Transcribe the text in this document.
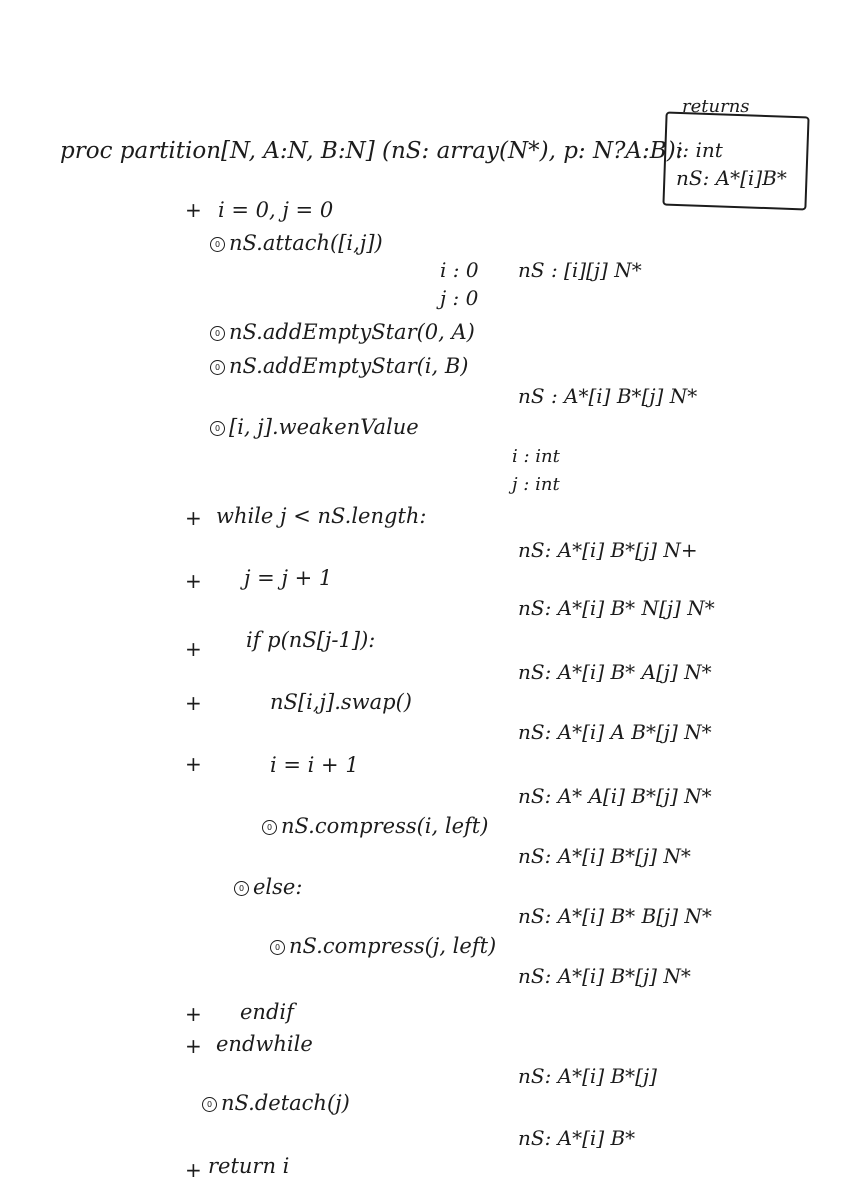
proc partition[N, A:N, B:N] (nS: array(N*), p: N?A:B):
returns
i: int
nS: A*[i]B*
+ i = 0, j = 0
0 nS.attach([i,j])
0 nS.addEmptyStar(0, A)
0 nS.addEmptyStar(i, B)
0 [i, j].weakenValue
+ while j < nS.length:
+ j = j + 1
+ if p(nS[j-1]):
+	nS[i,j].swap()
+	i = i + 1
0 nS.compress(i, left)
0 else:
0 nS.compress(j, left)
+ endif
+ endwhile
0 nS.detach(j)
+ return i
i : 0
j : 0
nS : [i][j] N*
nS : A*[i] B*[j] N*
i : int
j : int
nS: A*[i] B*[j] N+
nS: A*[i] B* N[j] N*
nS: A*[i] B* A[j] N*
nS: A*[i] A B*[j] N*
nS: A* A[i] B*[j] N*
nS: A*[i] B*[j] N*
nS: A*[i] B* B[j] N*
nS: A*[i] B*[j] N*
nS: A*[i] B*[j]
nS: A*[i] B*
